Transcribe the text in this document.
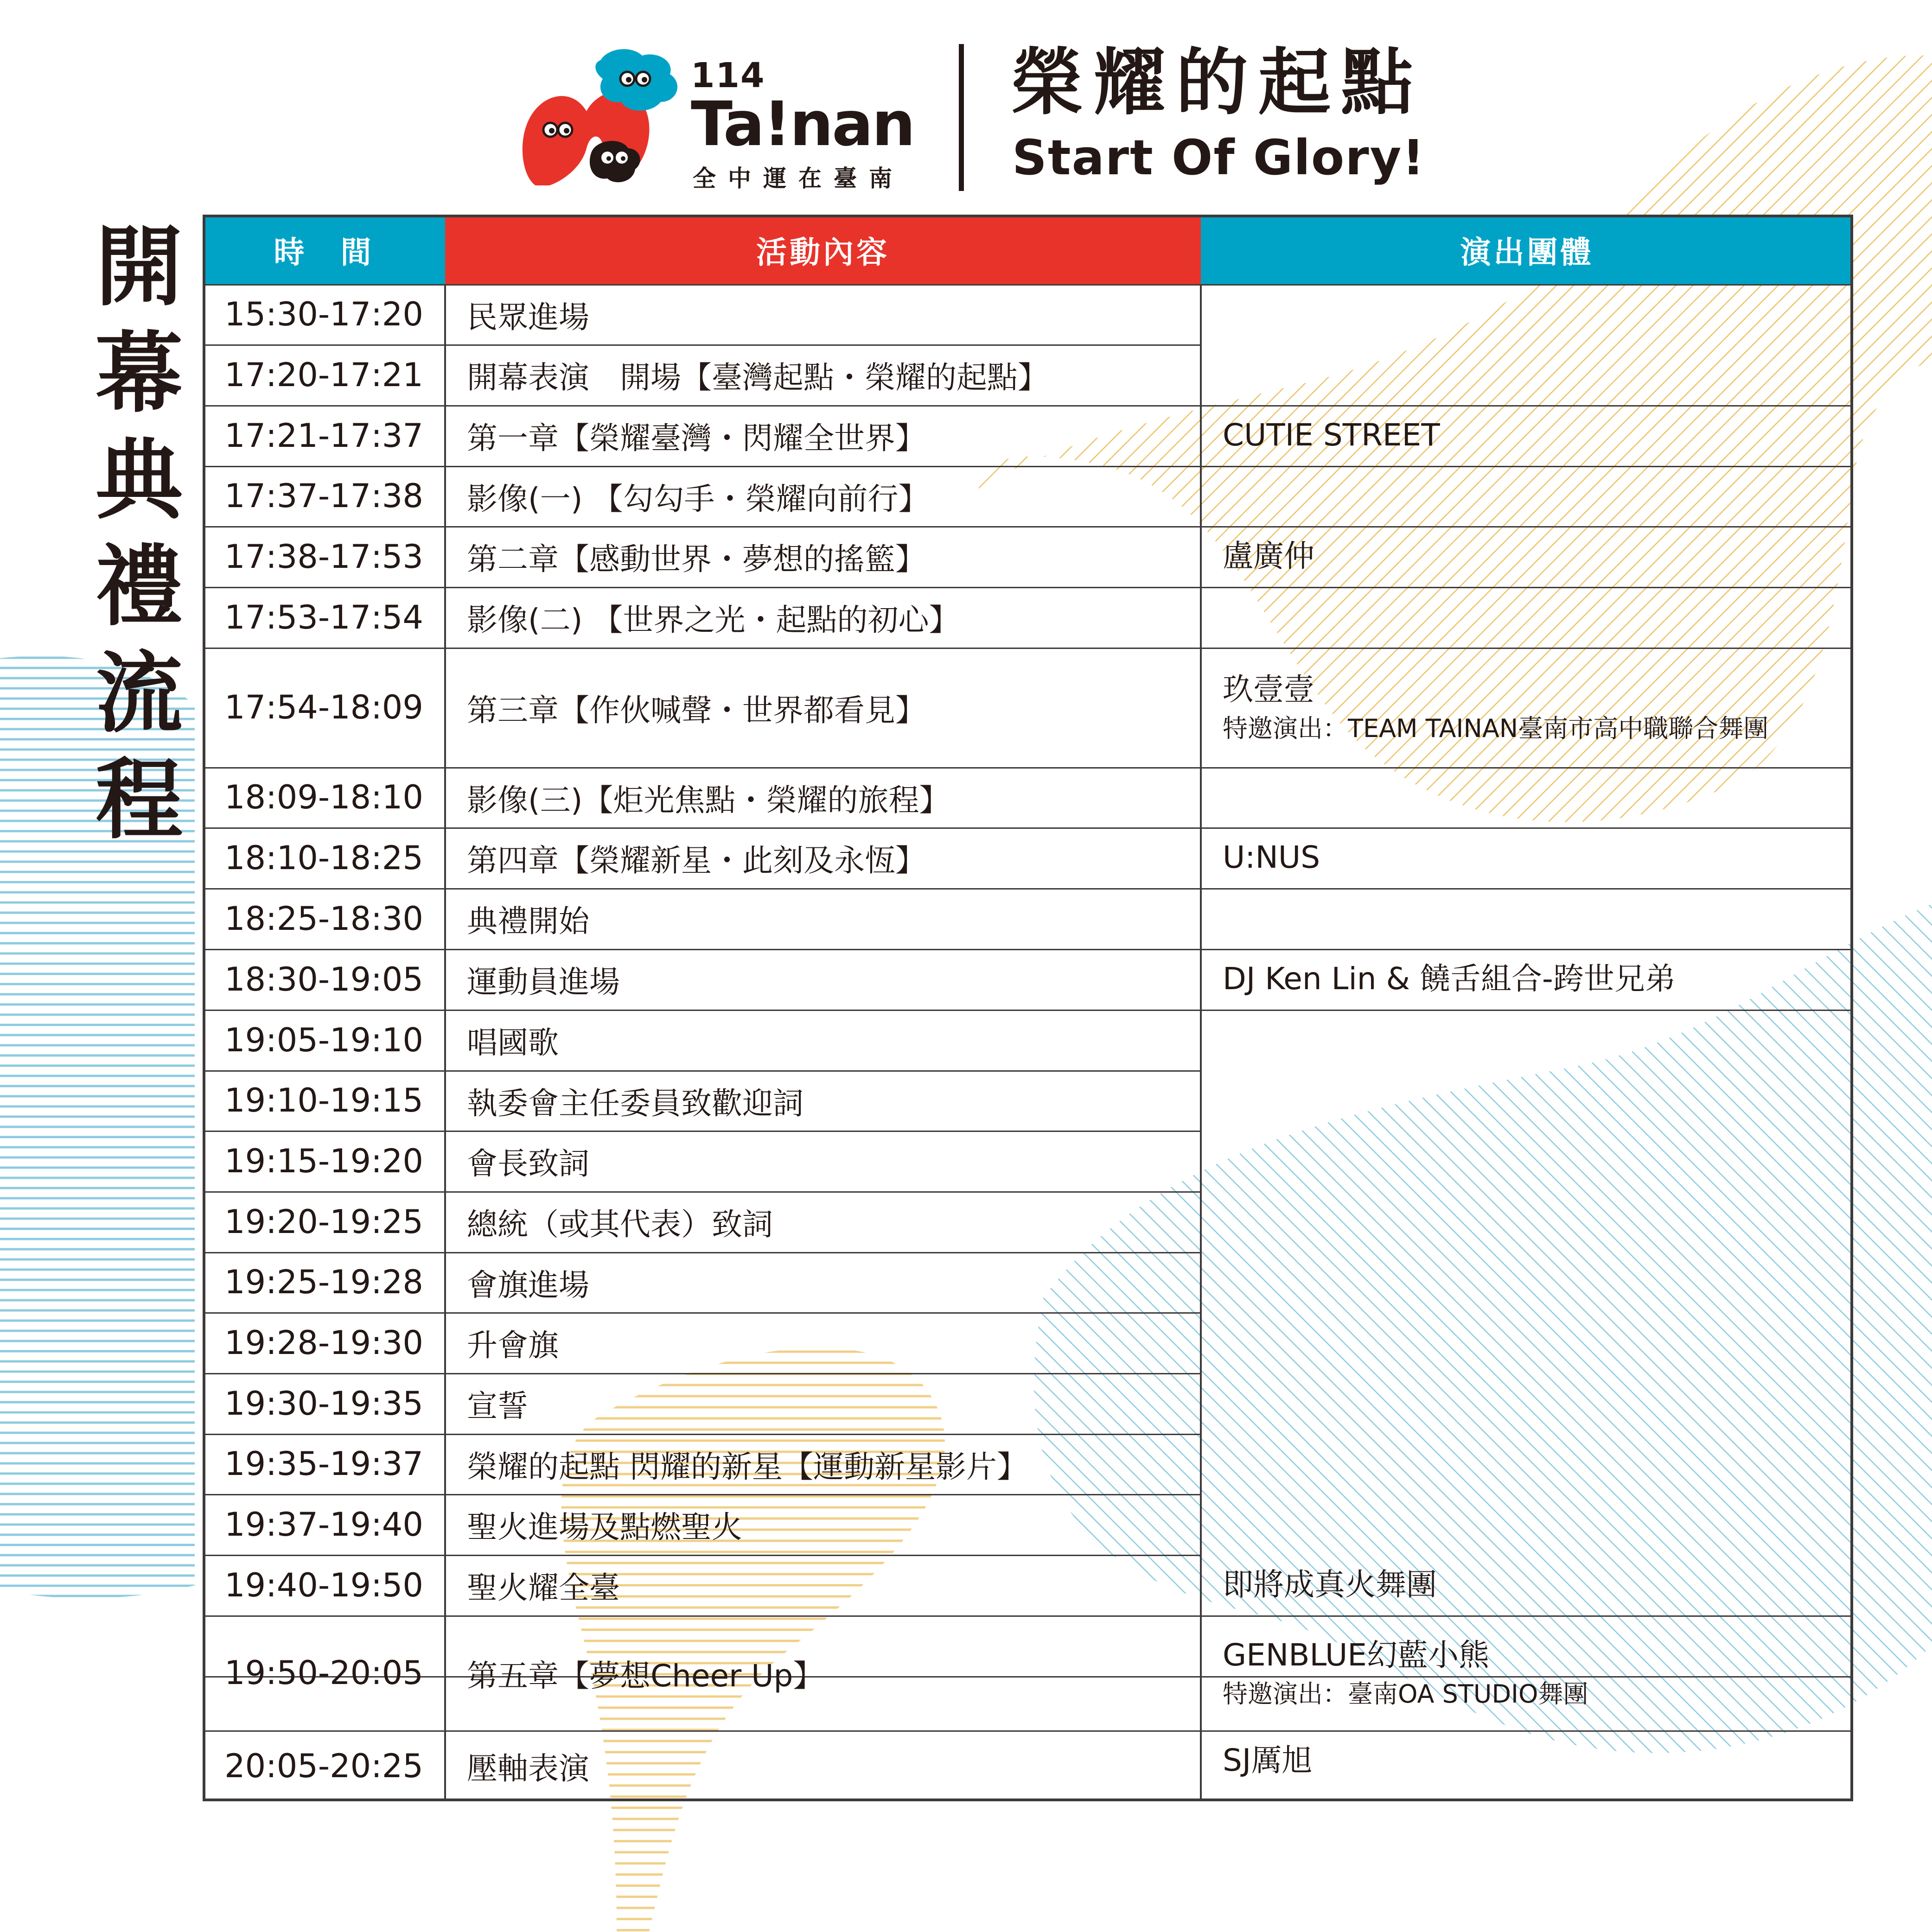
114
Ta!nan
全中運在臺南
榮耀的起點
Start Of Glory!
開
幕
典
禮
流
程
時　間	活動內容	演出團體
15:30-17:20
17:20-17:21
17:21-17:37
17:37-17:38
17:38-17:53
17:53-17:54
17:54-18:09
18:09-18:10
18:10-18:25
18:25-18:30
18:30-19:05
19:05-19:10
19:10-19:15
19:15-19:20
19:20-19:25
19:25-19:28
19:28-19:30
19:30-19:35
19:35-19:37
19:37-19:40
19:40-19:50
19:50-20:05
20:05-20:25
民眾進場
開幕表演　開場【臺灣起點・榮耀的起點】
第一章【榮耀臺灣・閃耀全世界】
影像(一) 【勾勾手・榮耀向前行】
第二章【感動世界・夢想的搖籃】
影像(二) 【世界之光・起點的初心】
第三章【作伙喊聲・世界都看見】
影像(三)【炬光焦點・榮耀的旅程】
第四章【榮耀新星・此刻及永恆】
典禮開始
運動員進場
唱國歌
執委會主任委員致歡迎詞
會長致詞
總統（或其代表）致詞
會旗進場
升會旗
宣誓
榮耀的起點 閃耀的新星【運動新星影片】
聖火進場及點燃聖火
聖火耀全臺
第五章【夢想Cheer Up】
壓軸表演
CUTIE STREET
盧廣仲
玖壹壹
特邀演出：TEAM TAINAN臺南市高中職聯合舞團
U:NUS
DJ Ken Lin & 饒舌組合-跨世兄弟
即將成真火舞團
GENBLUE幻藍小熊
特邀演出：臺南OA STUDIO舞團
SJ厲旭
